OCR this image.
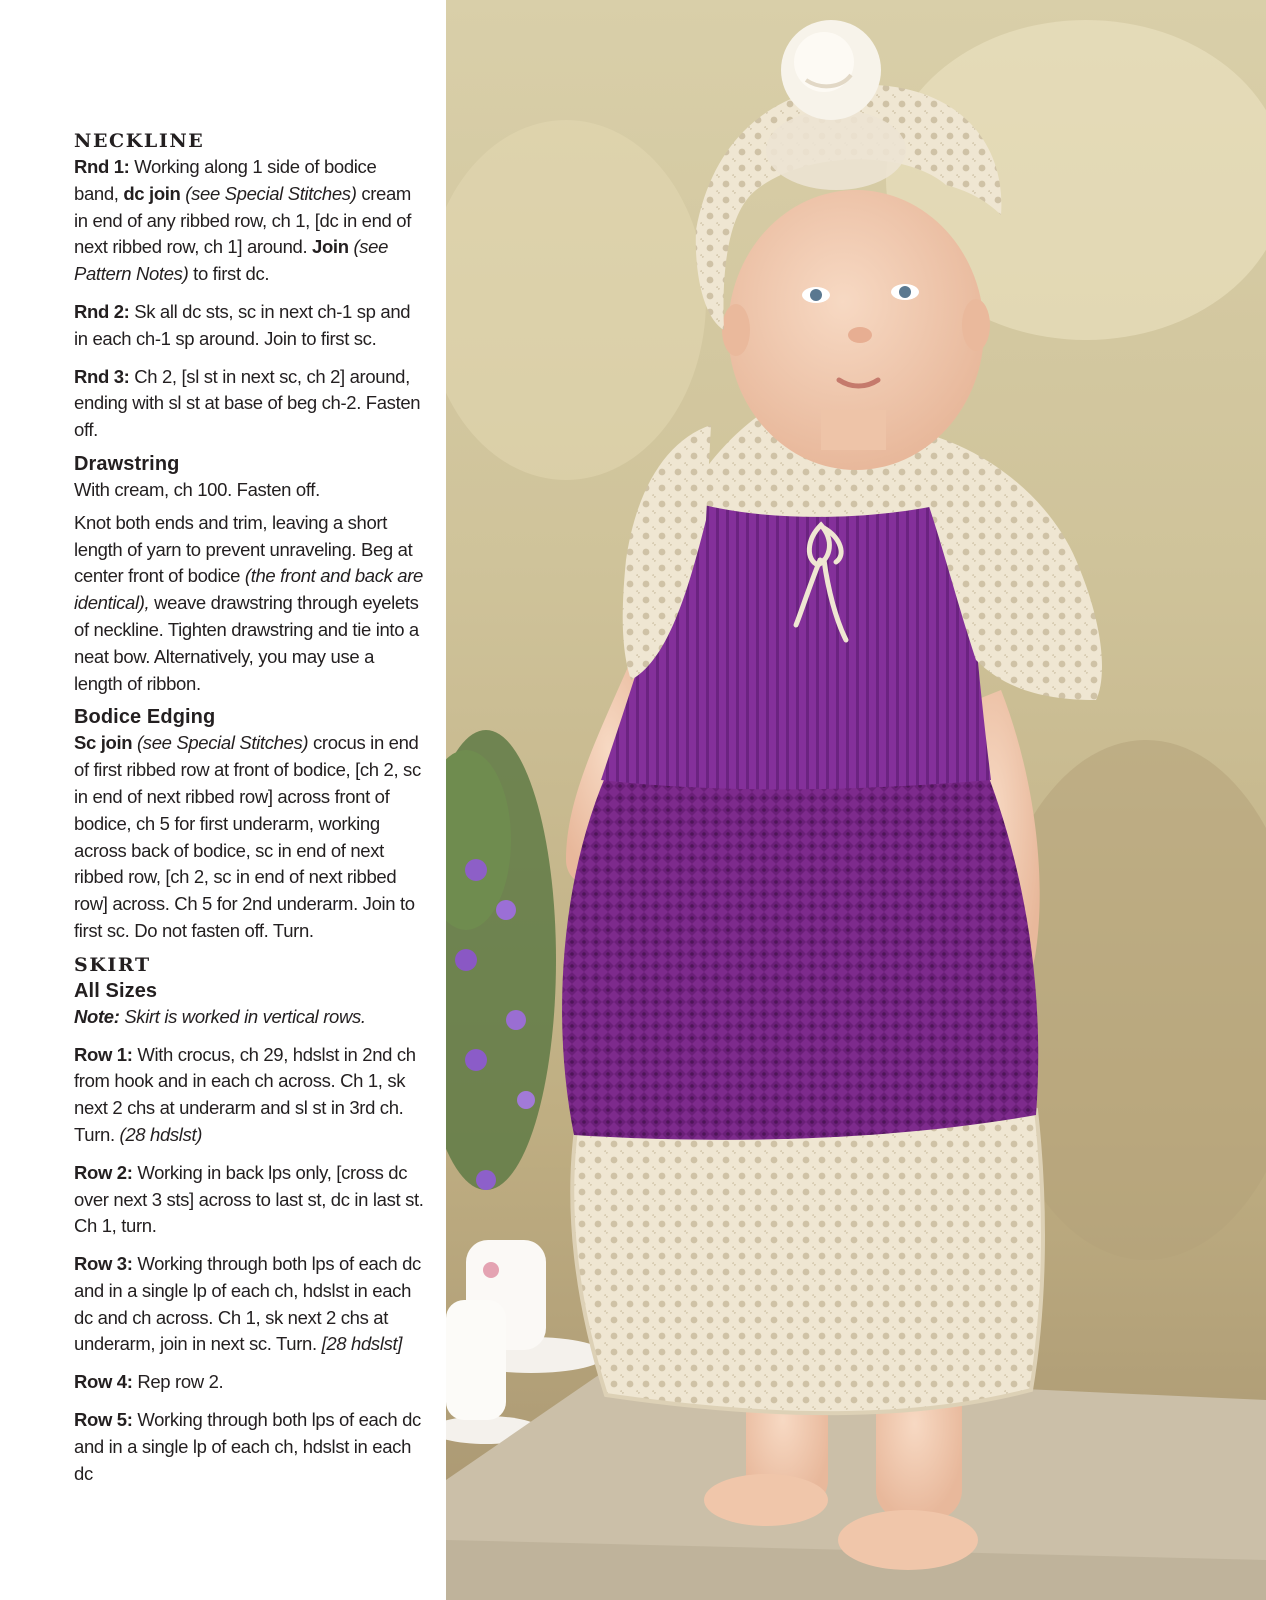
NECKLINE

Rnd 1: Working along 1 side of bodice band, dc join (see Special Stitches) cream in end of any ribbed row, ch 1, [dc in end of next ribbed row, ch 1] around. Join (see Pattern Notes) to first dc.

Rnd 2: Sk all dc sts, sc in next ch-1 sp and in each ch-1 sp around. Join to first sc.

Rnd 3: Ch 2, [sl st in next sc, ch 2] around, ending with sl st at base of beg ch-2. Fasten off.

Drawstring

With cream, ch 100. Fasten off.

Knot both ends and trim, leaving a short length of yarn to prevent unraveling. Beg at center front of bodice (the front and back are identical), weave drawstring through eyelets of neckline. Tighten drawstring and tie into a neat bow. Alternatively, you may use a length of ribbon.

Bodice Edging

Sc join (see Special Stitches) crocus in end of first ribbed row at front of bodice, [ch 2, sc in end of next ribbed row] across front of bodice, ch 5 for first underarm, working across back of bodice, sc in end of next ribbed row, [ch 2, sc in end of next ribbed row] across. Ch 5 for 2nd underarm. Join to first sc. Do not fasten off. Turn.

SKIRT
All Sizes

Note: Skirt is worked in vertical rows.

Row 1: With crocus, ch 29, hdslst in 2nd ch from hook and in each ch across. Ch 1, sk next 2 chs at underarm and sl st in 3rd ch. Turn. (28 hdslst)

Row 2: Working in back lps only, [cross dc over next 3 sts] across to last st, dc in last st. Ch 1, turn.

Row 3: Working through both lps of each dc and in a single lp of each ch, hdslst in each dc and ch across. Ch 1, sk next 2 chs at underarm, join in next sc. Turn. [28 hdslst]

Row 4: Rep row 2.

Row 5: Working through both lps of each dc and in a single lp of each ch, hdslst in each dc
